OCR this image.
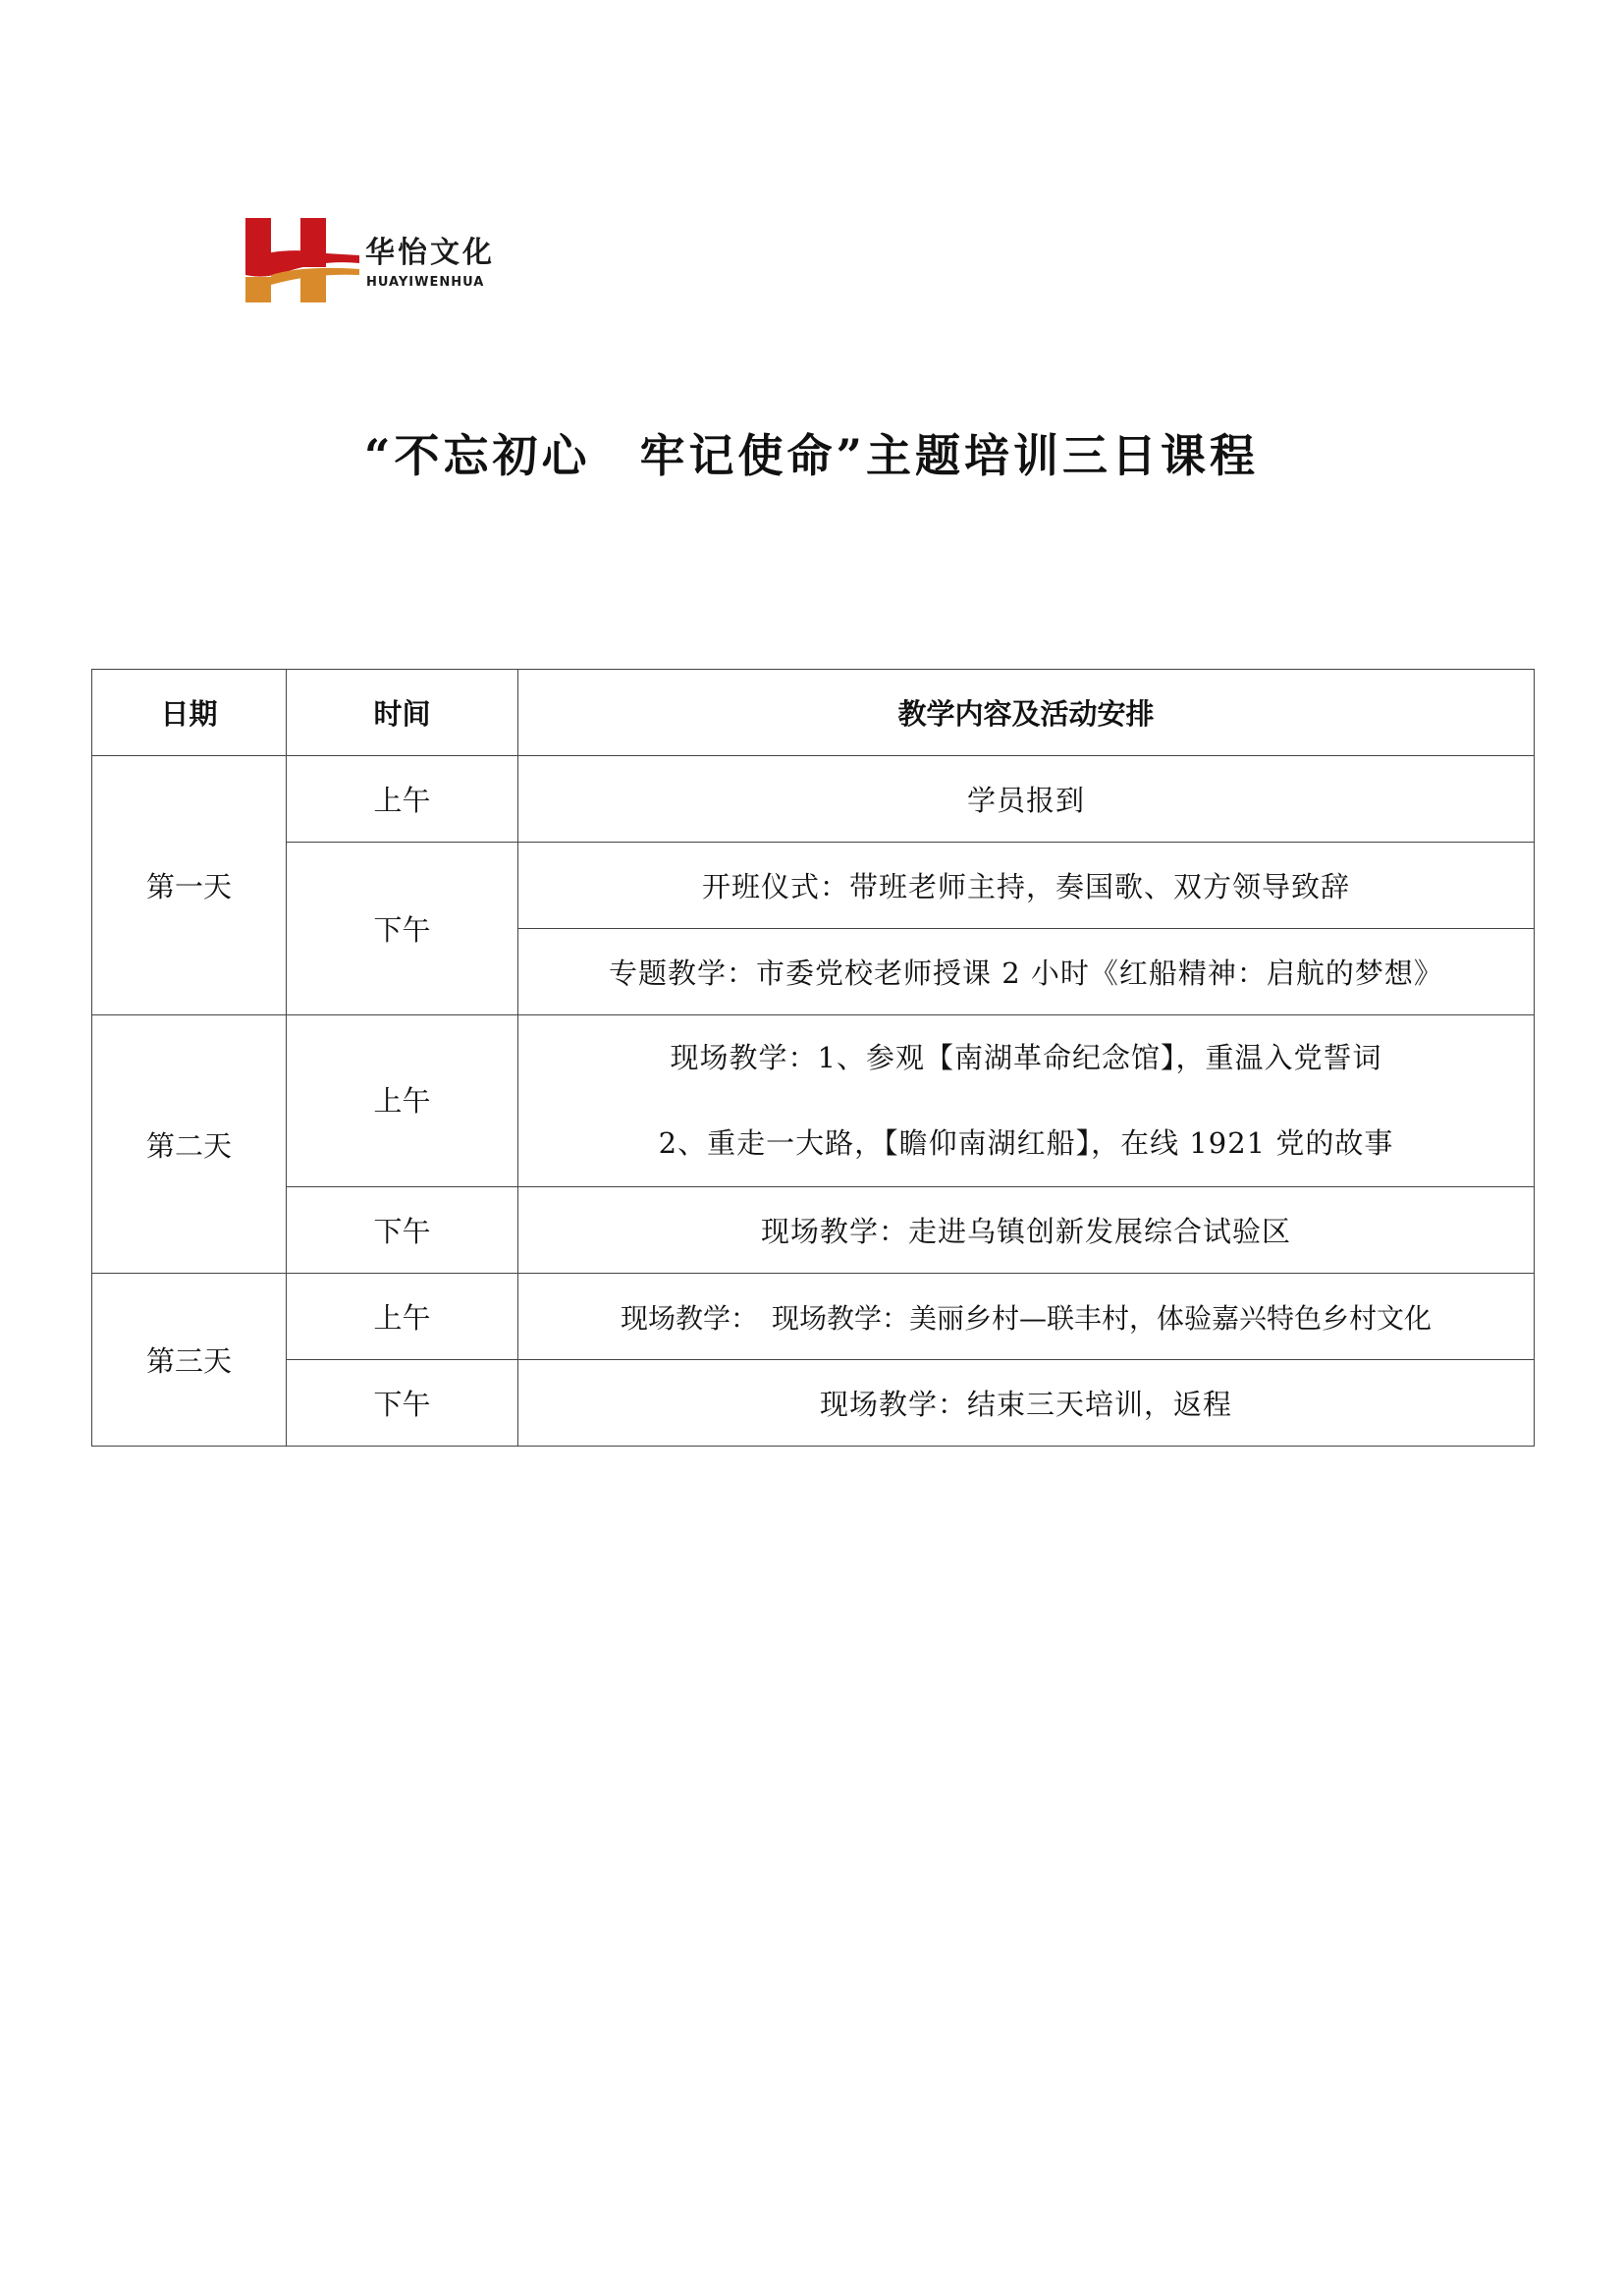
华怡文化
HUAYIWENHUA
“不忘初心　牢记使命”主题培训三日课程
日期	时间	教学内容及活动安排
第一天	上午	学员报到
	下午	开班仪式：带班老师主持，奏国歌、双方领导致辞
		专题教学：市委党校老师授课 2 小时《红船精神：启航的梦想》
第二天	上午	现场教学：1、参观【南湖革命纪念馆】，重温入党誓词
2、重走一大路，【瞻仰南湖红船】，在线 1921 党的故事

	下午	现场教学：走进乌镇创新发展综合试验区
第三天	上午	现场教学：　现场教学：美丽乡村—联丰村，体验嘉兴特色乡村文化
	下午	现场教学：结束三天培训，返程
